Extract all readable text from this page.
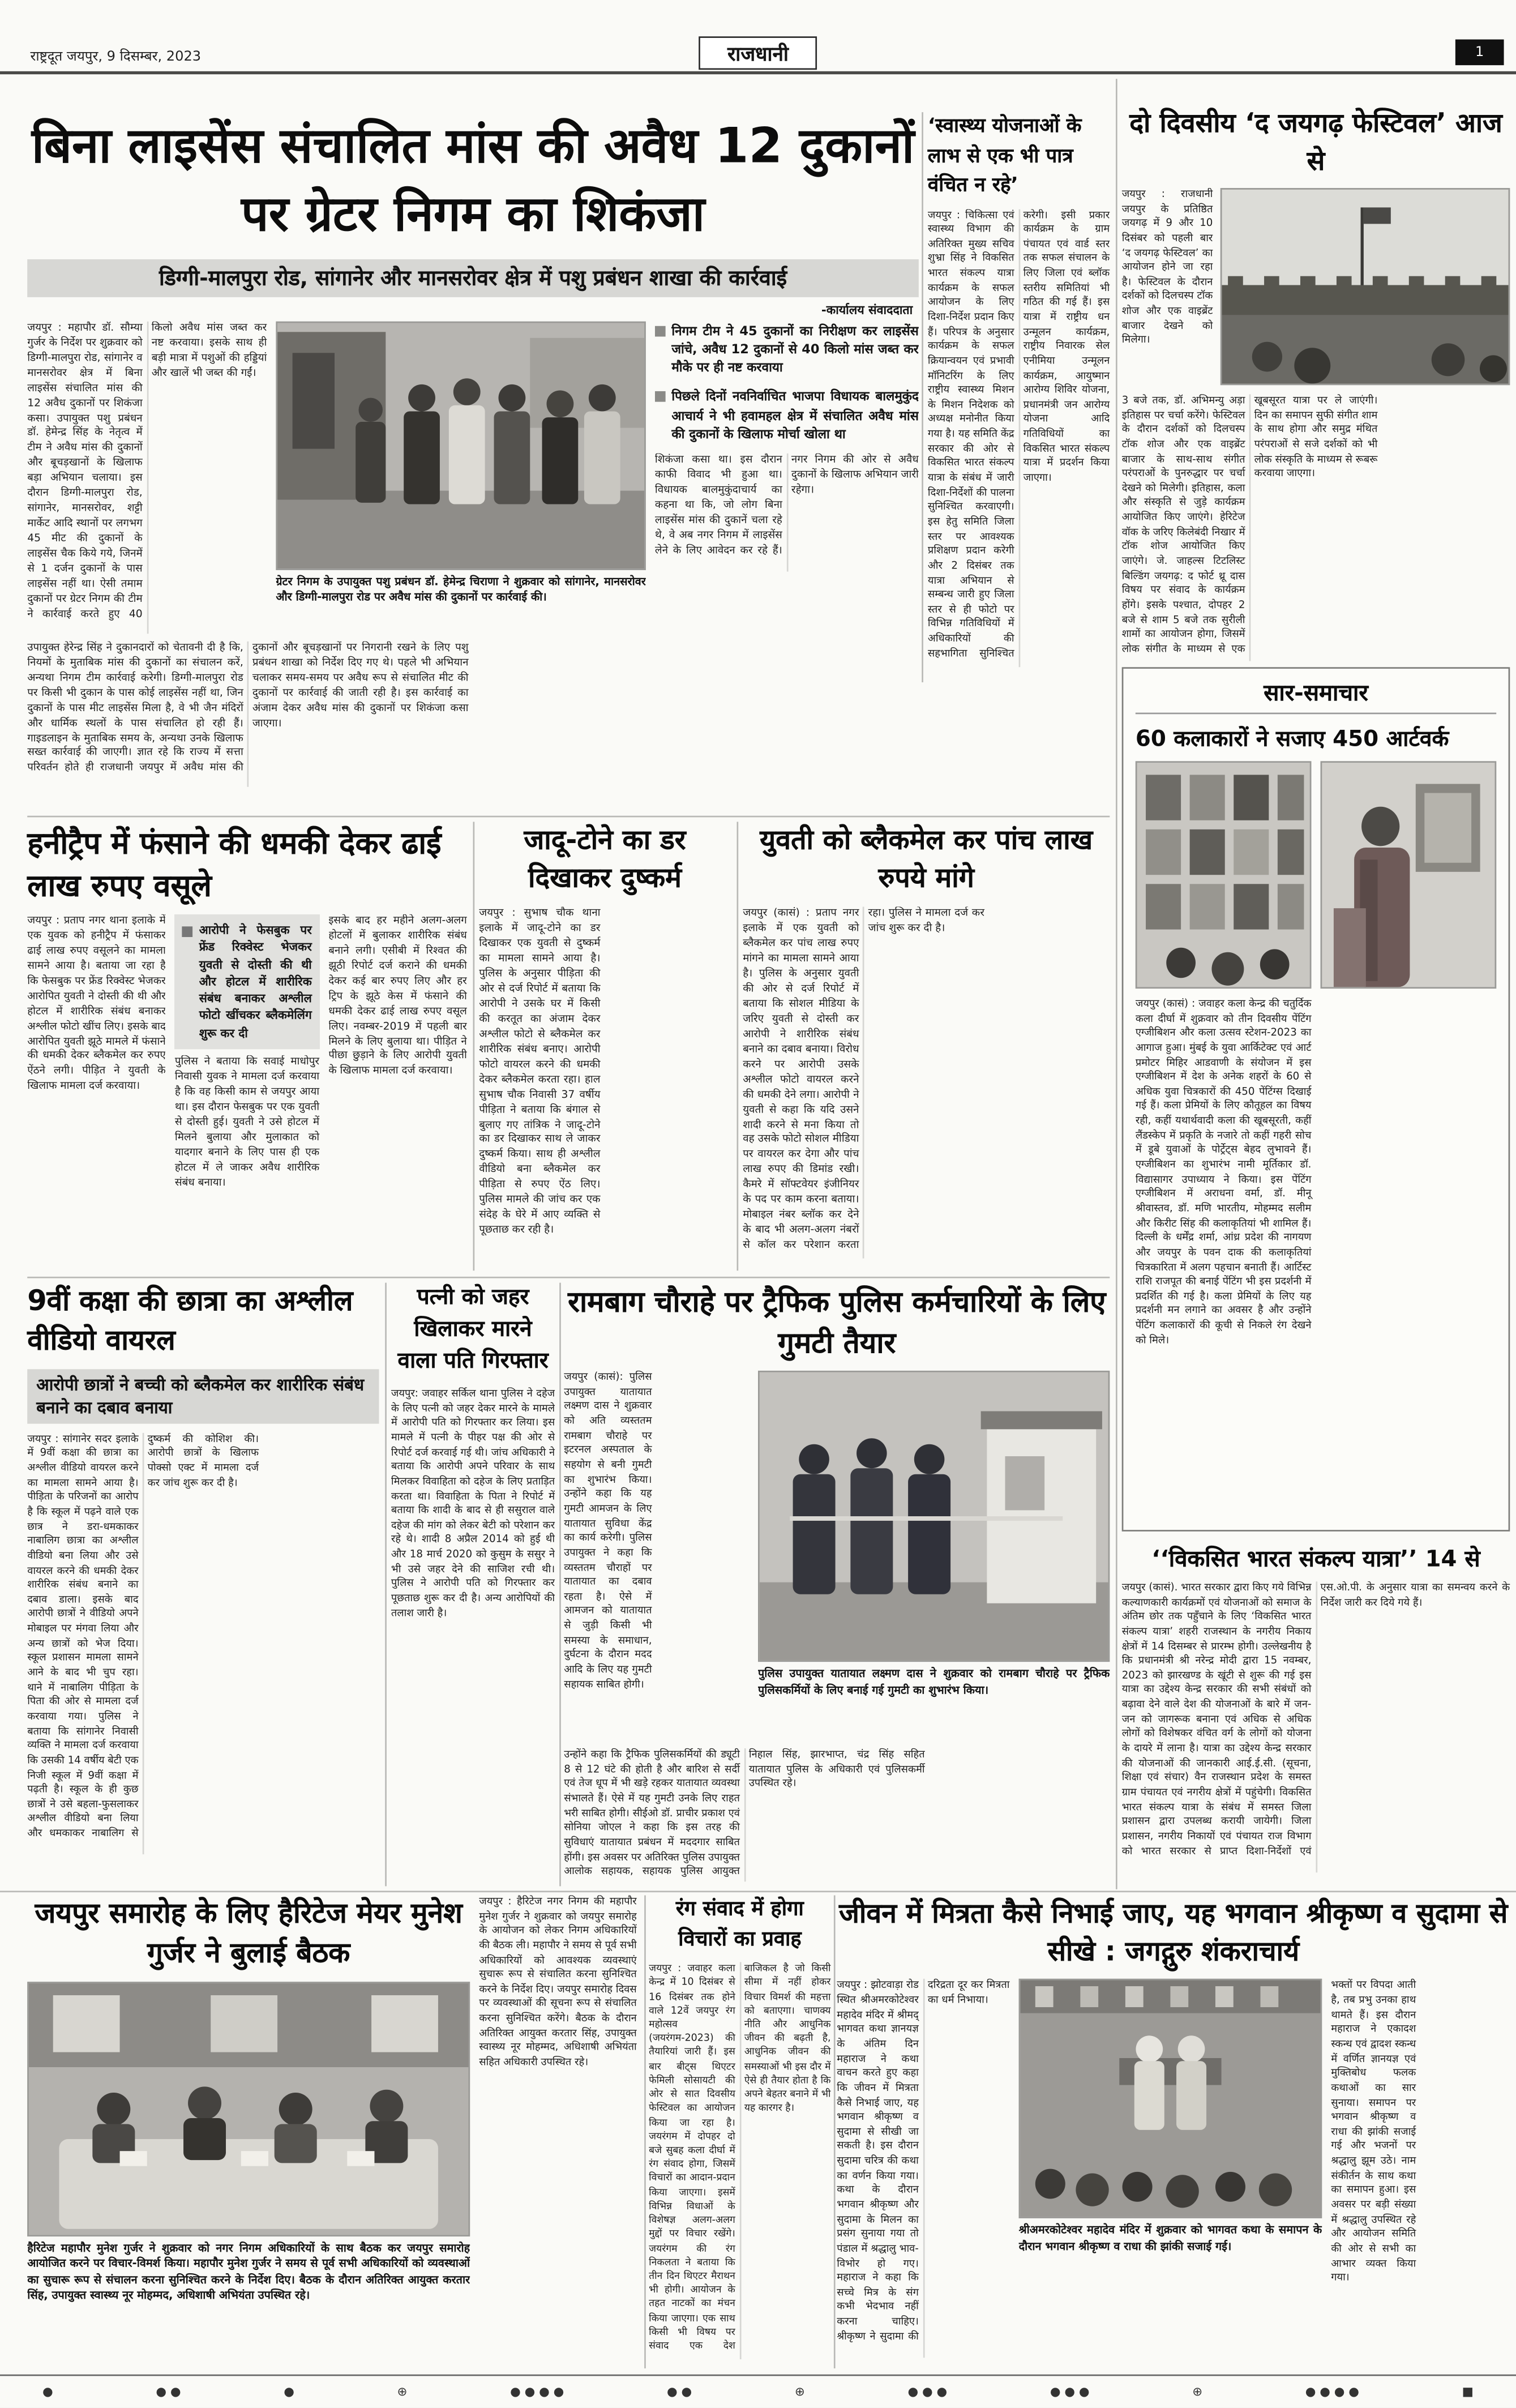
राष्ट्रदूत जयपुर, 9 दिसम्बर, 2023	राजधानी	1
बिना लाइसेंस संचालित मांस की अवैध 12 दुकानों पर ग्रेटर निगम का शिकंजा
डिग्गी-मालपुरा रोड, सांगानेर और मानसरोवर क्षेत्र में पशु प्रबंधन शाखा की कार्रवाई
-कार्यालय संवाददाता
जयपुर : महापौर डॉ. सौम्या गुर्जर के निर्देश पर शुक्रवार को डिग्गी-मालपुरा रोड, सांगानेर व मानसरोवर क्षेत्र में बिना लाइसेंस संचालित मांस की 12 अवैध दुकानों पर शिकंजा कसा। उपायुक्त पशु प्रबंधन डॉ. हेमेन्द्र सिंह के नेतृत्व में टीम ने अवैध मांस की दुकानों और बूचड़खानों के खिलाफ बड़ा अभियान चलाया। इस दौरान डिग्गी-मालपुरा रोड, सांगानेर, मानसरोवर, शट्टी मार्केट आदि स्थानों पर लगभग 45 मीट की दुकानों के लाइसेंस चैक किये गये, जिनमें से 1 दर्जन दुकानों के पास लाइसेंस नहीं था। ऐसी तमाम दुकानों पर ग्रेटर निगम की टीम ने कार्रवाई करते हुए 40 किलो अवैध मांस जब्त कर नष्ट करवाया। इसके साथ ही बड़ी मात्रा में पशुओं की हड्डियां और खालें भी जब्त की गईं।
ग्रेटर निगम के उपायुक्त पशु प्रबंधन डॉ. हेमेन्द्र चिराणा ने शुक्रवार को सांगानेर, मानसरोवर और डिग्गी-मालपुरा रोड पर अवैध मांस की दुकानों पर कार्रवाई की।
निगम टीम ने 45 दुकानों का निरीक्षण कर लाइसेंस जांचे, अवैध 12 दुकानों से 40 किलो मांस जब्त कर मौके पर ही नष्ट करवाया
पिछले दिनों नवनिर्वाचित भाजपा विधायक बालमुकुंद आचार्य ने भी हवामहल क्षेत्र में संचालित अवैध मांस की दुकानों के खिलाफ मोर्चा खोला था
शिकंजा कसा था। इस दौरान काफी विवाद भी हुआ था। विधायक बालमुकुंदाचार्य का कहना था कि, जो लोग बिना लाइसेंस मांस की दुकानें चला रहे थे, वे अब नगर निगम में लाइसेंस लेने के लिए आवेदन कर रहे हैं। नगर निगम की ओर से अवैध दुकानों के खिलाफ अभियान जारी रहेगा।
उपायुक्त हेरेन्द्र सिंह ने दुकानदारों को चेतावनी दी है कि, नियमों के मुताबिक मांस की दुकानों का संचालन करें, अन्यथा निगम टीम कार्रवाई करेगी। डिग्गी-मालपुरा रोड पर किसी भी दुकान के पास कोई लाइसेंस नहीं था, जिन दुकानों के पास मीट लाइसेंस मिला है, वे भी जैन मंदिरों और धार्मिक स्थलों के पास संचालित हो रही हैं। गाइडलाइन के मुताबिक समय के, अन्यथा उनके खिलाफ सख्त कार्रवाई की जाएगी। ज्ञात रहे कि राज्य में सत्ता परिवर्तन होते ही राजधानी जयपुर में अवैध मांस की दुकानों और बूचड़खानों पर निगरानी रखने के लिए पशु प्रबंधन शाखा को निर्देश दिए गए थे। पहले भी अभियान चलाकर समय-समय पर अवैध रूप से संचालित मीट की दुकानों पर कार्रवाई की जाती रही है। इस कार्रवाई का अंजाम देकर अवैध मांस की दुकानों पर शिकंजा कसा जाएगा।
‘स्वास्थ्य योजनाओं के लाभ से एक भी पात्र वंचित न रहे’
जयपुर : चिकित्सा एवं स्वास्थ्य विभाग की अतिरिक्त मुख्य सचिव शुभ्रा सिंह ने विकसित भारत संकल्प यात्रा कार्यक्रम के सफल आयोजन के लिए दिशा-निर्देश प्रदान किए हैं। परिपत्र के अनुसार कार्यक्रम के सफल क्रियान्वयन एवं प्रभावी मॉनिटरिंग के लिए राष्ट्रीय स्वास्थ्य मिशन के मिशन निदेशक को अध्यक्ष मनोनीत किया गया है। यह समिति केंद्र सरकार की ओर से विकसित भारत संकल्प यात्रा के संबंध में जारी दिशा-निर्देशों की पालना सुनिश्चित करवाएगी। इस हेतु समिति जिला स्तर पर आवश्यक प्रशिक्षण प्रदान करेगी और 2 दिसंबर तक यात्रा अभियान से सम्बन्ध जारी हुए जिला स्तर से ही फोटो पर विभिन्न गतिविधियों में अधिकारियों की सहभागिता सुनिश्चित करेगी। इसी प्रकार कार्यक्रम के ग्राम पंचायत एवं वार्ड स्तर तक सफल संचालन के लिए जिला एवं ब्लॉक स्तरीय समितियां भी गठित की गई हैं। इस यात्रा में राष्ट्रीय धन उन्मूलन कार्यक्रम, राष्ट्रीय निवारक सेल एनीमिया उन्मूलन कार्यक्रम, आयुष्मान आरोग्य शिविर योजना, प्रधानमंत्री जन आरोग्य योजना आदि गतिविधियों का विकसित भारत संकल्प यात्रा में प्रदर्शन किया जाएगा।
दो दिवसीय ‘द जयगढ़ फेस्टिवल’ आज से
जयपुर : राजधानी जयपुर के प्रतिष्ठित जयगढ़ में 9 और 10 दिसंबर को पहली बार ‘द जयगढ़ फेस्टिवल’ का आयोजन होने जा रहा है। फेस्टिवल के दौरान दर्शकों को दिलचस्प टॉक शोज और एक वाइब्रेंट बाजार देखने को मिलेगा।
3 बजे तक, डॉ. अभिमन्यु अड़ा इतिहास पर चर्चा करेंगे। फेस्टिवल के दौरान दर्शकों को दिलचस्प टॉक शोज और एक वाइब्रेंट बाजार के साथ-साथ संगीत परंपराओं के पुनरुद्धार पर चर्चा देखने को मिलेगी। इतिहास, कला और संस्कृति से जुड़े कार्यक्रम आयोजित किए जाएंगे। हेरिटेज वॉक के जरिए किलेबंदी निखार में टॉक शोज आयोजित किए जाएंगे। जे. जाहल्स टिटलिस्ट बिल्डिंग जयगढ़: द फोर्ट थ्रू दास विषय पर संवाद के कार्यक्रम होंगे। इसके पश्चात, दोपहर 2 बजे से शाम 5 बजे तक सुरीली शामों का आयोजन होगा, जिसमें लोक संगीत के माध्यम से एक खूबसूरत यात्रा पर ले जाएंगी। दिन का समापन सुफी संगीत शाम के साथ होगा और समुद्र मंथित परंपराओं से सजे दर्शकों को भी लोक संस्कृति के माध्यम से रूबरू करवाया जाएगा।
सार-समाचार
60 कलाकारों ने सजाए 450 आर्टवर्क
जयपुर (कासं) : जवाहर कला केन्द्र की चतुर्दिक कला दीर्घा में शुक्रवार को तीन दिवसीय पेंटिंग एग्जीबिशन और कला उत्सव स्टेशन-2023 का आगाज हुआ। मुंबई के युवा आर्किटेक्ट एवं आर्ट प्रमोटर मिहिर आडवाणी के संयोजन में इस एग्जीबिशन में देश के अनेक शहरों के 60 से अधिक युवा चित्रकारों की 450 पेंटिंग्स दिखाई गई हैं। कला प्रेमियों के लिए कौतूहल का विषय रही, कहीं यथार्थवादी कला की खूबसूरती, कहीं लैंडस्केप में प्रकृति के नजारे तो कहीं गहरी सोच में डूबे युवाओं के पोर्ट्रेट्स बेहद लुभावने हैं। एग्जीबिशन का शुभारंभ नामी मूर्तिकार डॉ. विद्यासागर उपाध्याय ने किया। इस पेंटिंग एग्जीबिशन में अराधना वर्मा, डॉ. मीनू श्रीवास्तव, डॉ. मणि भारतीय, मोहम्मद सलीम और किरीट सिंह की कलाकृतियां भी शामिल हैं। दिल्ली के धर्मेंद्र शर्मा, आंध्र प्रदेश की नागयण और जयपुर के पवन दाक की कलाकृतियां चित्रकारिता में अलग पहचान बनाती हैं। आर्टिस्ट राशि राजपूत की बनाई पेंटिंग भी इस प्रदर्शनी में प्रदर्शित की गई है। कला प्रेमियों के लिए यह प्रदर्शनी मन लगाने का अवसर है और उन्होंने पेंटिंग कलाकारों की कूची से निकले रंग देखने को मिले।
हनीट्रैप में फंसाने की धमकी देकर ढाई लाख रुपए वसूले
जयपुर : प्रताप नगर थाना इलाके में एक युवक को हनीट्रैप में फंसाकर ढाई लाख रुपए वसूलने का मामला सामने आया है। बताया जा रहा है कि फेसबुक पर फ्रेंड रिक्वेस्ट भेजकर आरोपित युवती ने दोस्ती की थी और होटल में शारीरिक संबंध बनाकर अश्लील फोटो खींच लिए। इसके बाद आरोपित युवती झूठे मामले में फंसाने की धमकी देकर ब्लैकमेल कर रुपए ऐंठने लगी। पीड़ित ने युवती के खिलाफ मामला दर्ज करवाया।
आरोपी ने फेसबुक पर फ्रेंड रिक्वेस्ट भेजकर युवती से दोस्ती की थी और होटल में शारीरिक संबंध बनाकर अश्लील फोटो खींचकर ब्लैकमेलिंग शुरू कर दी
पुलिस ने बताया कि सवाई माधोपुर निवासी युवक ने मामला दर्ज करवाया है कि वह किसी काम से जयपुर आया था। इस दौरान फेसबुक पर एक युवती से दोस्ती हुई। युवती ने उसे होटल में मिलने बुलाया और मुलाकात को यादगार बनाने के लिए पास ही एक होटल में ले जाकर अवैध शारीरिक संबंध बनाया।
इसके बाद हर महीने अलग-अलग होटलों में बुलाकर शारीरिक संबंध बनाने लगी। एसीबी में रिश्वत की झूठी रिपोर्ट दर्ज कराने की धमकी देकर कई बार रुपए लिए और हर ट्रिप के झूठे केस में फंसाने की धमकी देकर ढाई लाख रुपए वसूल लिए। नवम्बर-2019 में पहली बार मिलने के लिए बुलाया था। पीड़ित ने पीछा छुड़ाने के लिए आरोपी युवती के खिलाफ मामला दर्ज करवाया।
जादू-टोने का डर दिखाकर दुष्कर्म
जयपुर : सुभाष चौक थाना इलाके में जादू-टोने का डर दिखाकर एक युवती से दुष्कर्म का मामला सामने आया है। पुलिस के अनुसार पीड़िता की ओर से दर्ज रिपोर्ट में बताया कि आरोपी ने उसके घर में किसी की करतूत का अंजाम देकर अश्लील फोटो से ब्लैकमेल कर शारीरिक संबंध बनाए। आरोपी फोटो वायरल करने की धमकी देकर ब्लैकमेल करता रहा। हाल सुभाष चौक निवासी 37 वर्षीय पीड़िता ने बताया कि बंगाल से बुलाए गए तांत्रिक ने जादू-टोने का डर दिखाकर साथ ले जाकर दुष्कर्म किया। साथ ही अश्लील वीडियो बना ब्लैकमेल कर पीड़िता से रुपए ऐंठ लिए। पुलिस मामले की जांच कर एक संदेह के घेरे में आए व्यक्ति से पूछताछ कर रही है।
युवती को ब्लैकमेल कर पांच लाख रुपये मांगे
जयपुर (कासं) : प्रताप नगर इलाके में एक युवती को ब्लैकमेल कर पांच लाख रुपए मांगने का मामला सामने आया है। पुलिस के अनुसार युवती की ओर से दर्ज रिपोर्ट में बताया कि सोशल मीडिया के जरिए युवती से दोस्ती कर आरोपी ने शारीरिक संबंध बनाने का दबाव बनाया। विरोध करने पर आरोपी उसके अश्लील फोटो वायरल करने की धमकी देने लगा। आरोपी ने युवती से कहा कि यदि उसने शादी करने से मना किया तो वह उसके फोटो सोशल मीडिया पर वायरल कर देगा और पांच लाख रुपए की डिमांड रखी। कैमरे में सॉफ्टवेयर इंजीनियर के पद पर काम करना बताया। मोबाइल नंबर ब्लॉक कर देने के बाद भी अलग-अलग नंबरों से कॉल कर परेशान करता रहा। पुलिस ने मामला दर्ज कर जांच शुरू कर दी है।
9वीं कक्षा की छात्रा का अश्लील वीडियो वायरल
आरोपी छात्रों ने बच्ची को ब्लैकमेल कर शारीरिक संबंध बनाने का दबाव बनाया
जयपुर : सांगानेर सदर इलाके में 9वीं कक्षा की छात्रा का अश्लील वीडियो वायरल करने का मामला सामने आया है। पीड़िता के परिजनों का आरोप है कि स्कूल में पढ़ने वाले एक छात्र ने डरा-धमकाकर नाबालिग छात्रा का अश्लील वीडियो बना लिया और उसे वायरल करने की धमकी देकर शारीरिक संबंध बनाने का दबाव डाला। इसके बाद आरोपी छात्रों ने वीडियो अपने मोबाइल पर मंगवा लिया और अन्य छात्रों को भेज दिया। स्कूल प्रशासन मामला सामने आने के बाद भी चुप रहा। थाने में नाबालिग पीड़िता के पिता की ओर से मामला दर्ज करवाया गया। पुलिस ने बताया कि सांगानेर निवासी व्यक्ति ने मामला दर्ज करवाया कि उसकी 14 वर्षीय बेटी एक निजी स्कूल में 9वीं कक्षा में पढ़ती है। स्कूल के ही कुछ छात्रों ने उसे बहला-फुसलाकर अश्लील वीडियो बना लिया और धमकाकर नाबालिग से दुष्कर्म की कोशिश की। आरोपी छात्रों के खिलाफ पोक्सो एक्ट में मामला दर्ज कर जांच शुरू कर दी है।
पत्नी को जहर खिलाकर मारने वाला पति गिरफ्तार
जयपुर: जवाहर सर्किल थाना पुलिस ने दहेज के लिए पत्नी को जहर देकर मारने के मामले में आरोपी पति को गिरफ्तार कर लिया। इस मामले में पत्नी के पीहर पक्ष की ओर से रिपोर्ट दर्ज करवाई गई थी। जांच अधिकारी ने बताया कि आरोपी अपने परिवार के साथ मिलकर विवाहिता को दहेज के लिए प्रताड़ित करता था। विवाहिता के पिता ने रिपोर्ट में बताया कि शादी के बाद से ही ससुराल वाले दहेज की मांग को लेकर बेटी को परेशान कर रहे थे। शादी 8 अप्रैल 2014 को हुई थी और 18 मार्च 2020 को कुसुम के ससुर ने भी उसे जहर देने की साजिश रची थी। पुलिस ने आरोपी पति को गिरफ्तार कर पूछताछ शुरू कर दी है। अन्य आरोपियों की तलाश जारी है।
रामबाग चौराहे पर ट्रैफिक पुलिस कर्मचारियों के लिए गुमटी तैयार
जयपुर (कासं): पुलिस उपायुक्त यातायात लक्ष्मण दास ने शुक्रवार को अति व्यस्ततम रामबाग चौराहे पर इटरनल अस्पताल के सहयोग से बनी गुमटी का शुभारंभ किया। उन्होंने कहा कि यह गुमटी आमजन के लिए यातायात सुविधा केंद्र का कार्य करेगी। पुलिस उपायुक्त ने कहा कि व्यस्ततम चौराहों पर यातायात का दबाव रहता है। ऐसे में आमजन को यातायात से जुड़ी किसी भी समस्या के समाधान, दुर्घटना के दौरान मदद आदि के लिए यह गुमटी सहायक साबित होगी।
पुलिस उपायुक्त यातायात लक्ष्मण दास ने शुक्रवार को रामबाग चौराहे पर ट्रैफिक पुलिसकर्मियों के लिए बनाई गई गुमटी का शुभारंभ किया।
उन्होंने कहा कि ट्रैफिक पुलिसकर्मियों की ड्यूटी 8 से 12 घंटे की होती है और बारिश से सर्दी एवं तेज धूप में भी खड़े रहकर यातायात व्यवस्था संभालते हैं। ऐसे में यह गुमटी उनके लिए राहत भरी साबित होगी। सीईओ डॉ. प्राचीर प्रकाश एवं सोनिया जोएल ने कहा कि इस तरह की सुविधाएं यातायात प्रबंधन में मददगार साबित होंगी। इस अवसर पर अतिरिक्त पुलिस उपायुक्त आलोक सहायक, सहायक पुलिस आयुक्त निहाल सिंह, झारभाप्त, चंद्र सिंह सहित यातायात पुलिस के अधिकारी एवं पुलिसकर्मी उपस्थित रहे।
‘‘विकसित भारत संकल्प यात्रा’’ 14 से
जयपुर (कासं). भारत सरकार द्वारा किए गये विभिन्न कल्याणकारी कार्यक्रमों एवं योजनाओं को समाज के अंतिम छोर तक पहुँचाने के लिए ‘विकसित भारत संकल्प यात्रा’ शहरी राजस्थान के नगरीय निकाय क्षेत्रों में 14 दिसम्बर से प्रारम्भ होगी। उल्लेखनीय है कि प्रधानमंत्री श्री नरेन्द्र मोदी द्वारा 15 नवम्बर, 2023 को झारखण्ड के खूंटी से शुरू की गई इस यात्रा का उद्देश्य केन्द्र सरकार की सभी संबंधों को बढ़ावा देने वाले देश की योजनाओं के बारे में जन-जन को जागरूक बनाना एवं अधिक से अधिक लोगों को विशेषकर वंचित वर्ग के लोगों को योजना के दायरे में लाना है। यात्रा का उद्देश्य केन्द्र सरकार की योजनाओं की जानकारी आई.ई.सी. (सूचना, शिक्षा एवं संचार) वैन राजस्थान प्रदेश के समस्त ग्राम पंचायत एवं नगरीय क्षेत्रों में पहुंचेगी। विकसित भारत संकल्प यात्रा के संबंध में समस्त जिला प्रशासन द्वारा उपलब्ध करायी जायेगी। जिला प्रशासन, नगरीय निकायों एवं पंचायत राज विभाग को भारत सरकार से प्राप्त दिशा-निर्देशों एवं एस.ओ.पी. के अनुसार यात्रा का समन्वय करने के निर्देश जारी कर दिये गये हैं।
जयपुर समारोह के लिए हैरिटेज मेयर मुनेश गुर्जर ने बुलाई बैठक
हैरिटेज महापौर मुनेश गुर्जर ने शुक्रवार को नगर निगम अधिकारियों के साथ बैठक कर जयपुर समारोह आयोजित करने पर विचार-विमर्श किया। महापौर मुनेश गुर्जर ने समय से पूर्व सभी अधिकारियों को व्यवस्थाओं का सुचारू रूप से संचालन करना सुनिश्चित करने के निर्देश दिए। बैठक के दौरान अतिरिक्त आयुक्त करतार सिंह, उपायुक्त स्वास्थ्य नूर मोहम्मद, अधिशाषी अभियंता उपस्थित रहे।
जयपुर : हैरिटेज नगर निगम की महापौर मुनेश गुर्जर ने शुक्रवार को जयपुर समारोह के आयोजन को लेकर निगम अधिकारियों की बैठक ली। महापौर ने समय से पूर्व सभी अधिकारियों को आवश्यक व्यवस्थाएं सुचारू रूप से संचालित करना सुनिश्चित करने के निर्देश दिए। जयपुर समारोह दिवस पर व्यवस्थाओं की सूचना रूप से संचालित करना सुनिश्चित करेंगे। बैठक के दौरान अतिरिक्त आयुक्त करतार सिंह, उपायुक्त स्वास्थ्य नूर मोहम्मद, अधिशाषी अभियंता सहित अधिकारी उपस्थित रहे।
रंग संवाद में होगा विचारों का प्रवाह
जयपुर : जवाहर कला केन्द्र में 10 दिसंबर से 16 दिसंबर तक होने वाले 12वें जयपुर रंग महोत्सव (जयरंगम-2023) की तैयारियां जारी हैं। इस बार बीट्स थिएटर फेमिली सोसायटी की ओर से सात दिवसीय फेस्टिवल का आयोजन किया जा रहा है। जयरंगम में दोपहर दो बजे सुबह कला दीर्घा में रंग संवाद होगा, जिसमें विचारों का आदान-प्रदान किया जाएगा। इसमें विभिन्न विधाओं के विशेषज्ञ अलग-अलग मुद्दों पर विचार रखेंगे। जयरंगम की रंग निकलता ने बताया कि तीन दिन थिएटर मैराथन भी होगी। आयोजन के तहत नाटकों का मंचन किया जाएगा। एक साथ किसी भी विषय पर संवाद एक देश बाजिकल है जो किसी सीमा में नहीं होकर विचार विमर्श की महत्ता को बताएगा। चाणक्य नीति और आधुनिक जीवन की बढ़ती है, आधुनिक जीवन की समस्याओं भी इस दौर में ऐसे ही तैयार होता है कि अपने बेहतर बनाने में भी यह कारगर है।
जीवन में मित्रता कैसे निभाई जाए, यह भगवान श्रीकृष्ण व सुदामा से सीखे : जगद्गुरु शंकराचार्य
जयपुर : झोटवाड़ा रोड स्थित श्रीअमरकोटेश्वर महादेव मंदिर में श्रीमद् भागवत कथा ज्ञानयज्ञ के अंतिम दिन महाराज ने कथा वाचन करते हुए कहा कि जीवन में मित्रता कैसे निभाई जाए, यह भगवान श्रीकृष्ण व सुदामा से सीखी जा सकती है। इस दौरान सुदामा चरित्र की कथा का वर्णन किया गया। कथा के दौरान भगवान श्रीकृष्ण और सुदामा के मिलन का प्रसंग सुनाया गया तो पंडाल में श्रद्धालु भाव-विभोर हो गए। महाराज ने कहा कि सच्चे मित्र के संग कभी भेदभाव नहीं करना चाहिए। श्रीकृष्ण ने सुदामा की दरिद्रता दूर कर मित्रता का धर्म निभाया।
श्रीअमरकोटेश्वर महादेव मंदिर में शुक्रवार को भागवत कथा के समापन के दौरान भगवान श्रीकृष्ण व राधा की झांकी सजाई गई।
भक्तों पर विपदा आती है, तब प्रभु उनका हाथ थामते हैं। इस दौरान महाराज ने एकादश स्कन्ध एवं द्वादश स्कन्ध में वर्णित ज्ञानयज्ञ एवं मुक्तिबोध फलक कथाओं का सार सुनाया। समापन पर भगवान श्रीकृष्ण व राधा की झांकी सजाई गई और भजनों पर श्रद्धालु झूम उठे। नाम संकीर्तन के साथ कथा का समापन हुआ। इस अवसर पर बड़ी संख्या में श्रद्धालु उपस्थित रहे और आयोजन समिति की ओर से सभी का आभार व्यक्त किया गया।
●	● ●	●	⊕	● ● ● ●	● ●	⊕	● ● ●	● ● ●	⊕	● ● ● ●	■
